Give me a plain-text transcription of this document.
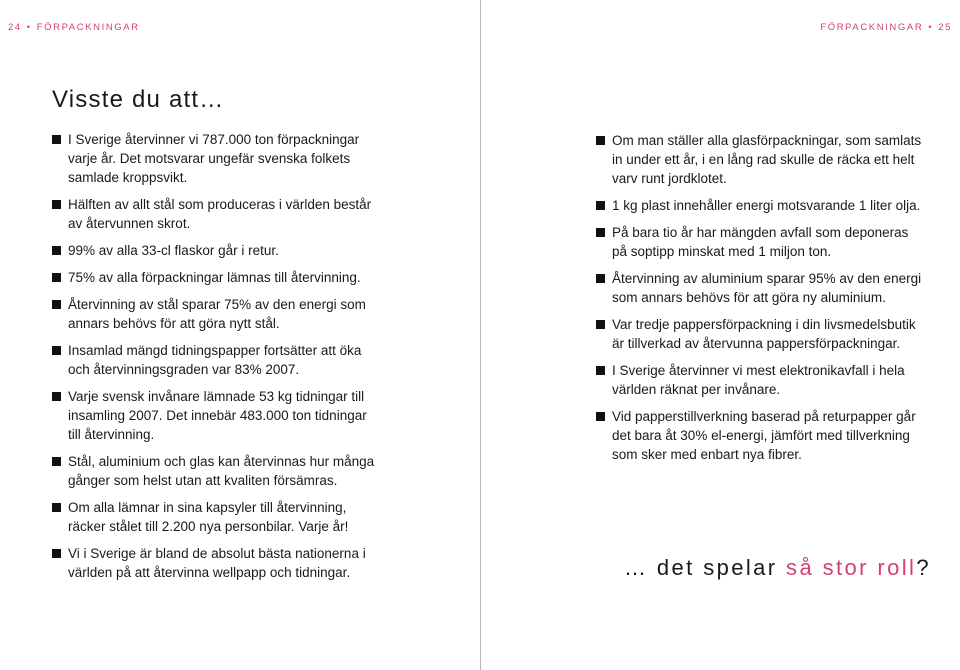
24 • FÖRPACKNINGAR	FÖRPACKNINGAR • 25
Visste du att…
I Sverige återvinner vi 787.000 ton förpackningar varje år. Det motsvarar ungefär svenska folkets samlade kroppsvikt.
Hälften av allt stål som produceras i världen består av återvunnen skrot.
99% av alla 33-cl flaskor går i retur.
75% av alla förpackningar lämnas till återvinning.
Återvinning av stål sparar 75% av den energi som annars behövs för att göra nytt stål.
Insamlad mängd tidningspapper fortsätter att öka och återvinningsgraden var 83% 2007.
Varje svensk invånare lämnade 53 kg tidningar till insamling 2007. Det innebär 483.000 ton tidningar till återvinning.
Stål, aluminium och glas kan återvinnas hur många gånger som helst utan att kvaliten försämras.
Om alla lämnar in sina kapsyler till återvinning, räcker stålet till 2.200 nya personbilar. Varje år!
Vi i Sverige är bland de absolut bästa nationerna i världen på att återvinna wellpapp och tidningar.
Om man ställer alla glasförpackningar, som samlats in under ett år, i en lång rad skulle de räcka ett helt varv runt jordklotet.
1 kg plast innehåller energi motsvarande 1 liter olja.
På bara tio år har mängden avfall som deponeras på soptipp minskat med 1 miljon ton.
Återvinning av aluminium sparar 95% av den energi som annars behövs för att göra ny aluminium.
Var tredje pappersförpackning i din livsmedelsbutik är tillverkad av återvunna pappersförpackningar.
I Sverige återvinner vi mest elektronikavfall i hela världen räknat per invånare.
Vid papperstillverkning baserad på returpapper går det bara åt 30% el-energi, jämfört med tillverkning som sker med enbart nya fibrer.

… det spelar så stor roll?
